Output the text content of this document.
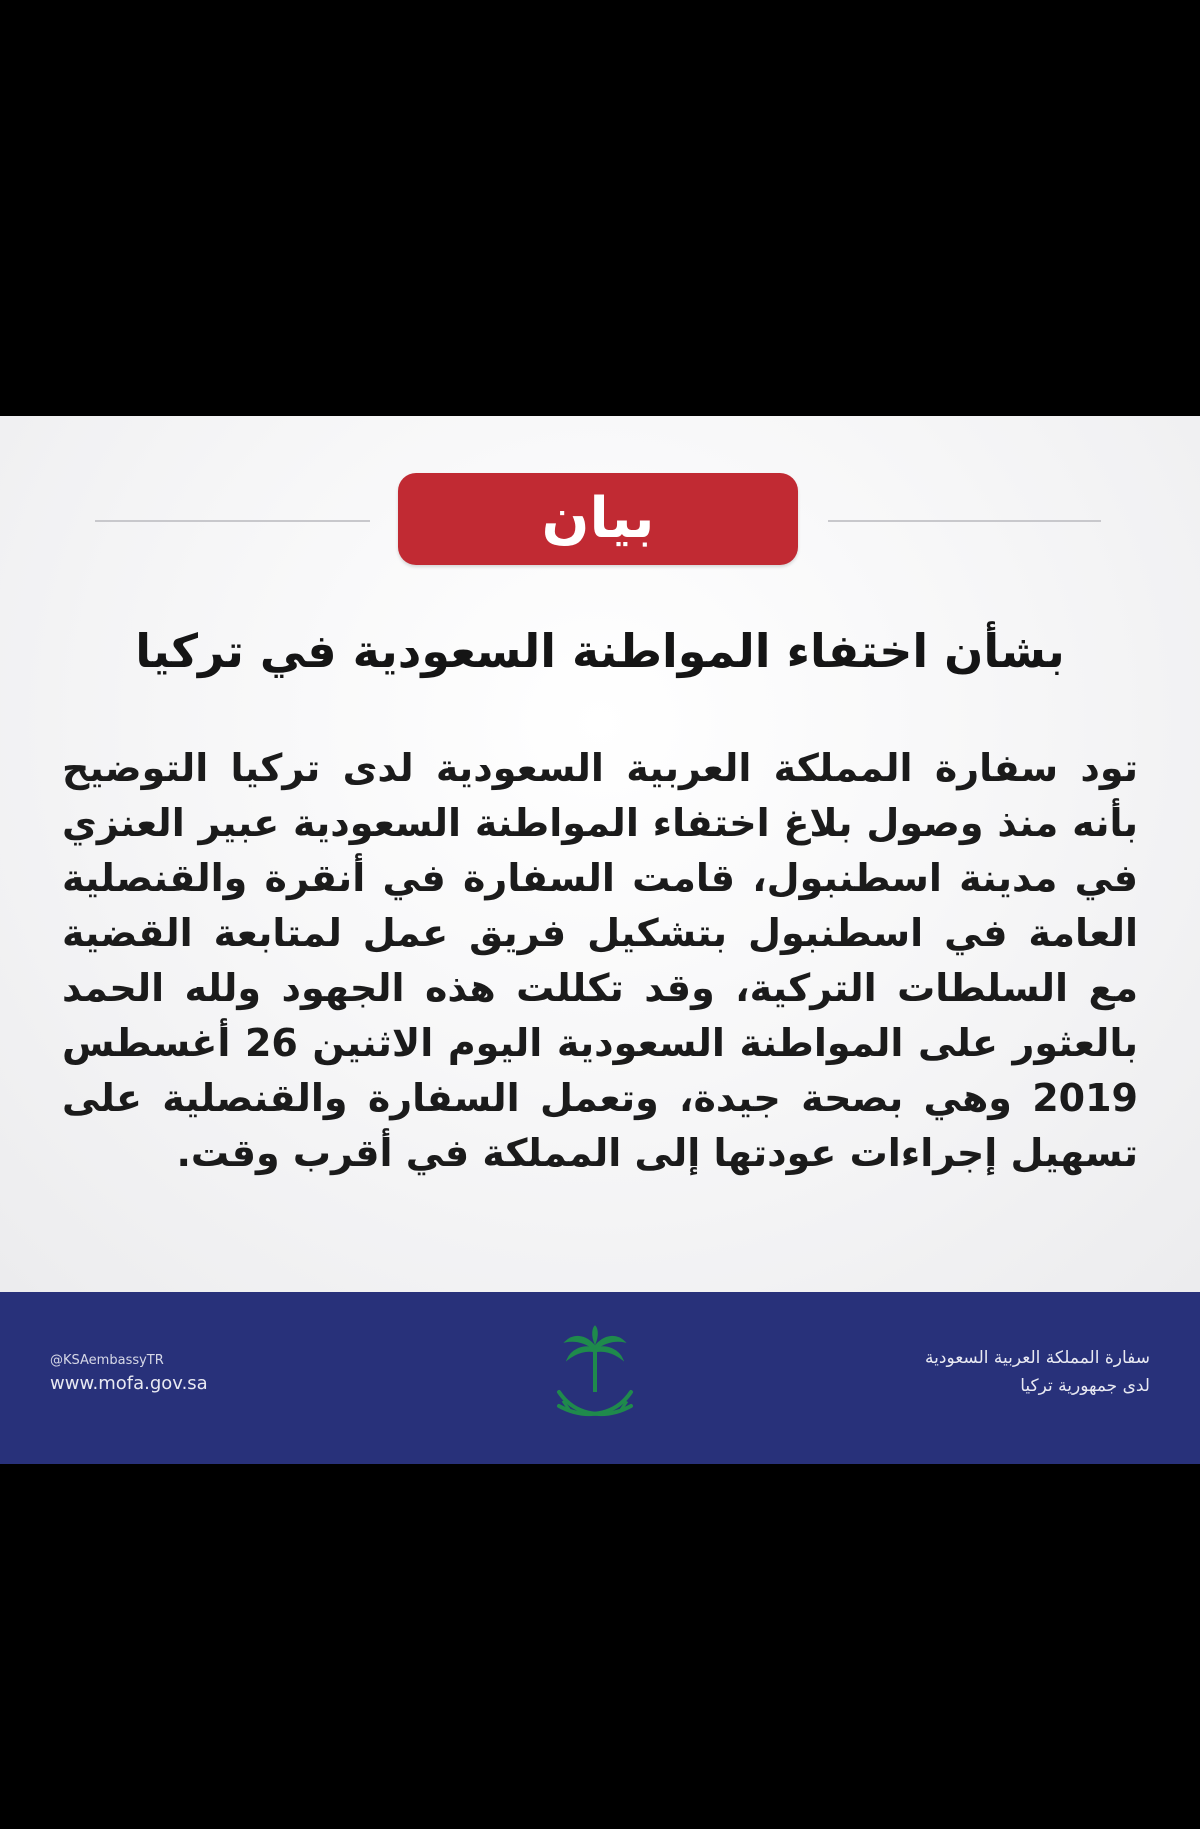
بيان
بشأن اختفاء المواطنة السعودية في تركيا
تود سفارة المملكة العربية السعودية لدى تركيا التوضيح بأنه منذ وصول بلاغ اختفاء المواطنة السعودية عبير العنزي في مدينة اسطنبول، قامت السفارة في أنقرة والقنصلية العامة في اسطنبول بتشكيل فريق عمل لمتابعة القضية مع السلطات التركية، وقد تكللت هذه الجهود ولله الحمد بالعثور على المواطنة السعودية اليوم الاثنين 26 أغسطس 2019 وهي بصحة جيدة، وتعمل السفارة والقنصلية على تسهيل إجراءات عودتها إلى المملكة في أقرب وقت.
@KSAembassyTR
www.mofa.gov.sa
سفارة المملكة العربية السعودية
لدى جمهورية تركيا
